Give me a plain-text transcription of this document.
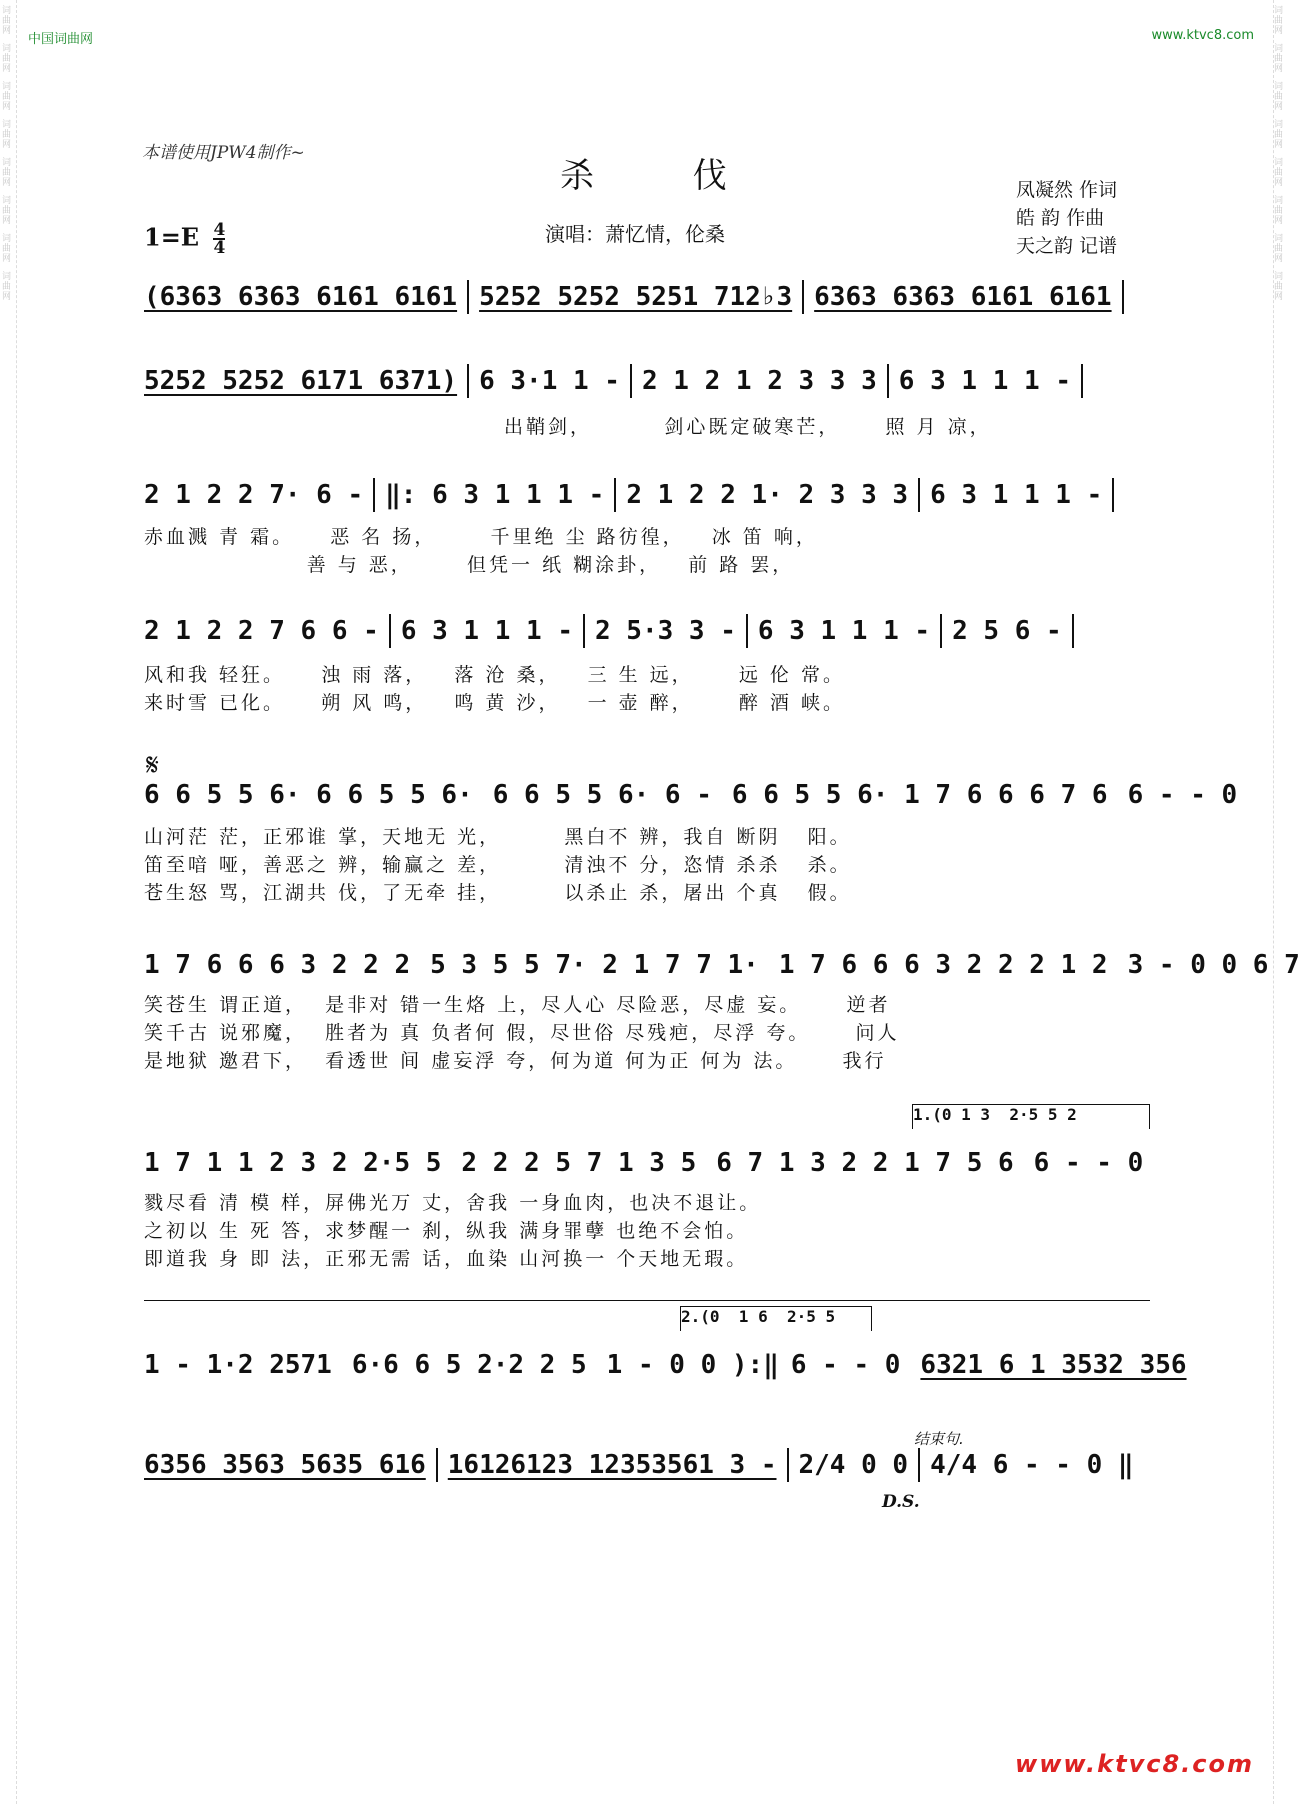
词曲网
词曲网
词曲网
词曲网
词曲网
词曲网
词曲网
词曲网
词曲网
词曲网
词曲网
词曲网
词曲网
词曲网
词曲网
词曲网
中国词曲网	www.ktvc8.com
本谱使用JPW4制作~
杀 伐
演唱：萧忆情，伦桑
凤凝然 作词
皓 韵 作曲
天之韵 记谱
$1=E \frac{4}{4}$
(6363 6363 6161 6161 5252 5252 5251 712♭3 6363 6363 6161 6161
5252 5252 6171 6371) 6 3·1 1 - 2 1 2 1 2 3 3 3 6 3 1 1 1 -
出鞘剑，        剑心既定破寒芒，     照 月 凉，
2 1 2 2 7· 6 - ‖: 6 3 1 1 1 - 2 1 2 2 1· 2 3 3 3 6 3 1 1 1 -
赤血溅 青 霜。    恶 名 扬，      千里绝 尘 路彷徨，   冰 笛 响，
善 与 恶，      但凭一 纸 糊涂卦，   前 路 罢，
2 1 2 2 7 6 6 - 6 3 1 1 1 - 2 5·3 3 - 6 3 1 1 1 - 2 5 6 -
风和我 轻狂。    浊 雨 落，   落 沧 桑，   三 生 远，     远 伦 常。
来时雪 已化。    朔 风 鸣，   鸣 黄 沙，   一 壶 醉，     醉 酒 峡。
𝄋
6 6 5 5 6· 6 6 5 5 6· 6 6 5 5 6· 6 - 6 6 5 5 6· 1 7 6 6 6 7 6 6 - - 0
山河茫 茫，正邪谁 掌，天地无 光，       黑白不 辨，我自 断阴   阳。
笛至喑 哑，善恶之 辨，输赢之 差，       清浊不 分，恣情 杀杀   杀。
苍生怒 骂，江湖共 伐，了无牵 挂，       以杀止 杀，屠出 个真   假。
1 7 6 6 6 3 2 2 2 5 3 5 5 7· 2 1 7 7 1· 1 7 6 6 6 3 2 2 2 1 2 3 - 0 0 6 7
笑苍生 谓正道，  是非对 错一生烙 上，尽人心 尽险恶，尽虚 妄。     逆者
笑千古 说邪魔，  胜者为 真 负者何 假，尽世俗 尽残疤，尽浮 夸。     问人
是地狱 邀君下，  看透世 间 虚妄浮 夸，何为道 何为正 何为 法。     我行
1.(0 1 3  2·5 5 2
1 7 1 1 2 3 2 2·5 5 2 2 2 5 7 1 3 5 6 7 1 3 2 2 1 7 5 6 6 - - 0
戮尽看 清 模 样，屏佛光万 丈，舍我 一身血肉，也决不退让。
之初以 生 死 答，求梦醒一 刹，纵我 满身罪孽 也绝不会怕。
即道我 身 即 法，正邪无需 话，血染 山河换一 个天地无瑕。
2.(0  1 6  2·5 5
1 - 1·2 2571 6·6 6 5 2·2 2 5 1 - 0 0 ):‖ 6 - - 0 6321 6 1 3532 356
结束句.
6356 3563 5635 616 16126123 12353561 3 - 2/4 0 0 4/4 6 - - 0 ‖
D.S.
www.ktvc8.com
